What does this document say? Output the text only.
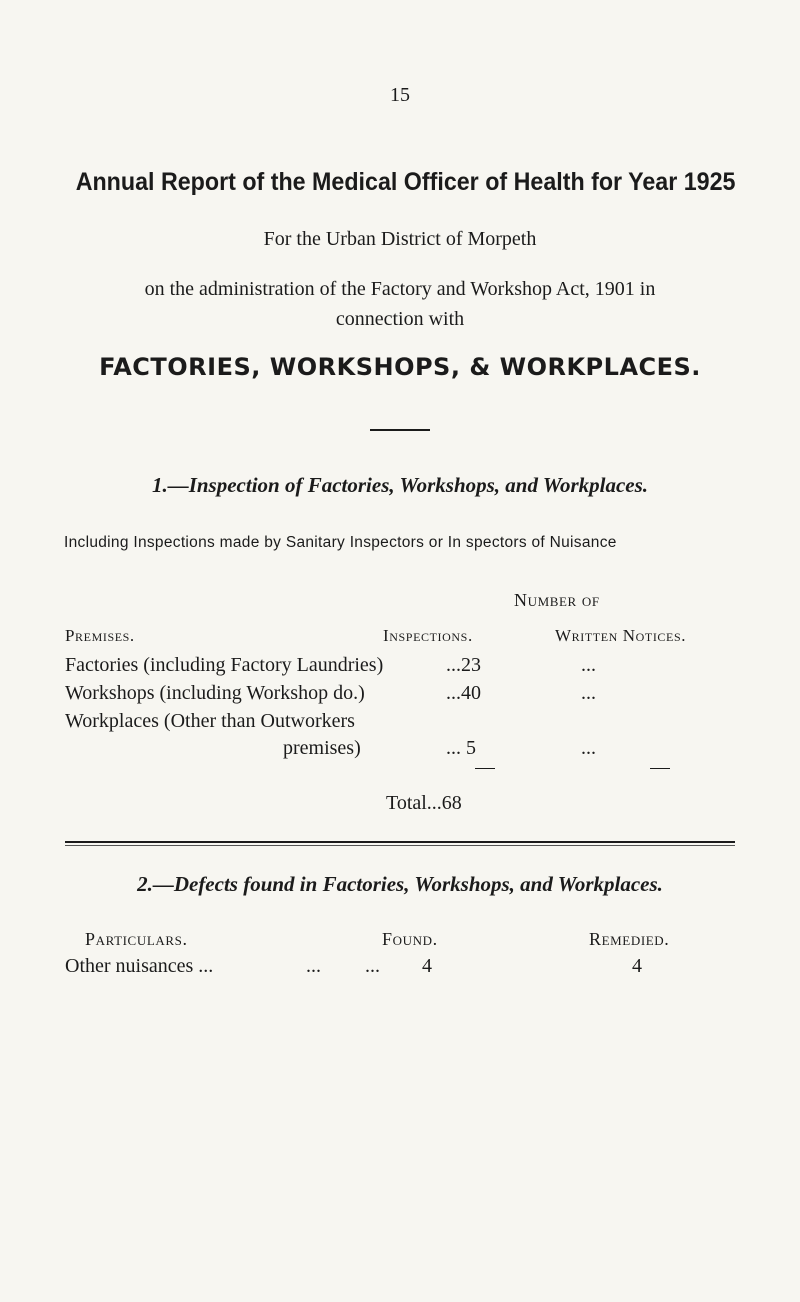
15
Annual Report of the Medical Officer of Health for Year 1925
For the Urban District of Morpeth
on the administration of the Factory and Workshop Act, 1901 in
connection with
FACTORIES, WORKSHOPS, & WORKPLACES.
1.—Inspection of Factories, Workshops, and Workplaces.
Including Inspections made by Sanitary Inspectors or In spectors of Nuisance
Number of
Premises.	Inspections.	Written Notices.
Factories (including Factory Laundries)	...23	...
Workshops (including Workshop do.)	...40	...
Workplaces (Other than Outworkers
premises)	... 5	...
Total...68
2.—Defects found in Factories, Workshops, and Workplaces.
Particulars.	Found.	Remedied.
Other nuisances ...	... ... 4	4
